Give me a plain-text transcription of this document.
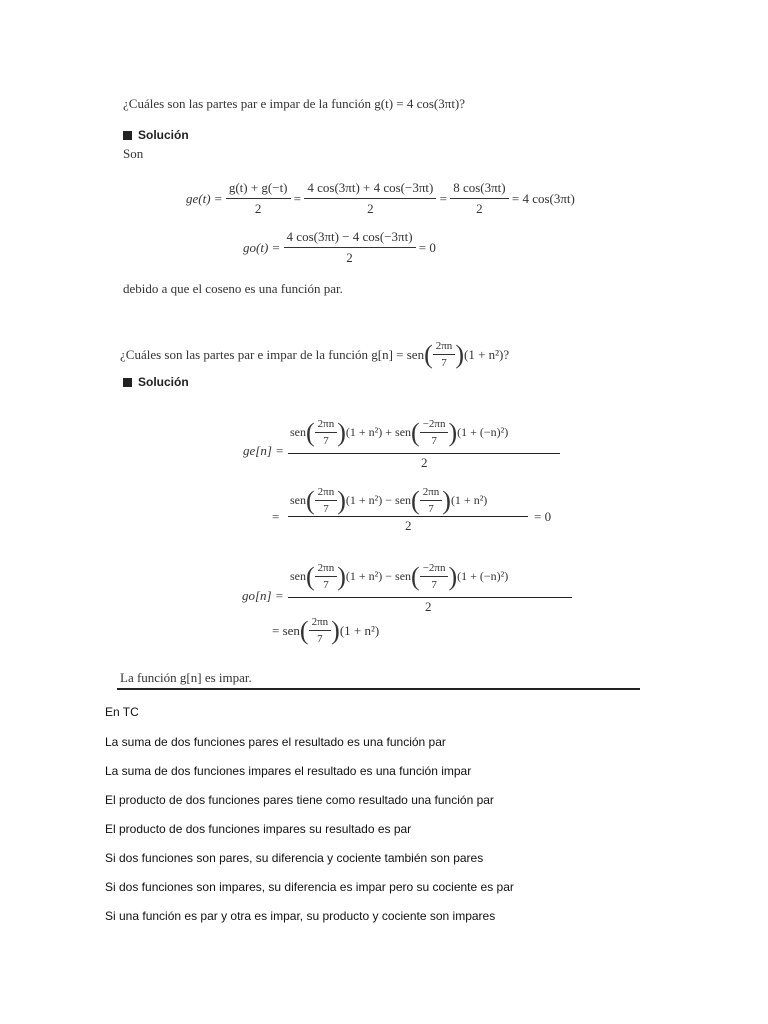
¿Cuáles son las partes par e impar de la función g(t) = 4 cos(3πt)?
Solución
Son
ge(t) =
$\frac{g(t) + g(-t)}{2} = \frac{4 \cos(3\pi t) + 4 \cos(-3\pi t)}{2} = \frac{8 \cos(3\pi t)}{2}$
= 4 cos(3πt)
go(t) =
$\frac{4 \cos(3\pi t) - 4 \cos(-3\pi t)}{2}$
= 0
debido a que el coseno es una función par.
¿Cuáles son las partes par e impar de la función g[n] = sen ( $\frac{2\pi n}{7}$ ) (1 + n²)?
Solución
ge[n] =
sen ( $\frac{2\pi n}{7}$ ) (1 + n²) + sen ( $\frac{-2\pi n}{7}$ ) (1 + (−n)²)
2
sen ( $\frac{2\pi n}{7}$ ) (1 + n²) − sen ( $\frac{2\pi n}{7}$ ) (1 + n²)
=	= 0
2
go[n] =
sen ( $\frac{2\pi n}{7}$ ) (1 + n²) − sen ( $\frac{-2\pi n}{7}$ ) (1 + (−n)²)
2
= sen ( $\frac{2\pi n}{7}$ ) (1 + n²)
La función g[n] es impar.
En TC
La suma de dos funciones pares el resultado es una función par
La suma de dos funciones impares el resultado es una función impar
El producto de dos funciones pares tiene como resultado una función par
El producto de dos funciones impares su resultado es par
Si dos funciones son pares, su diferencia y cociente también son pares
Si dos funciones son impares, su diferencia es impar pero su cociente es par
Si una función es par y otra es impar, su producto y cociente son impares
